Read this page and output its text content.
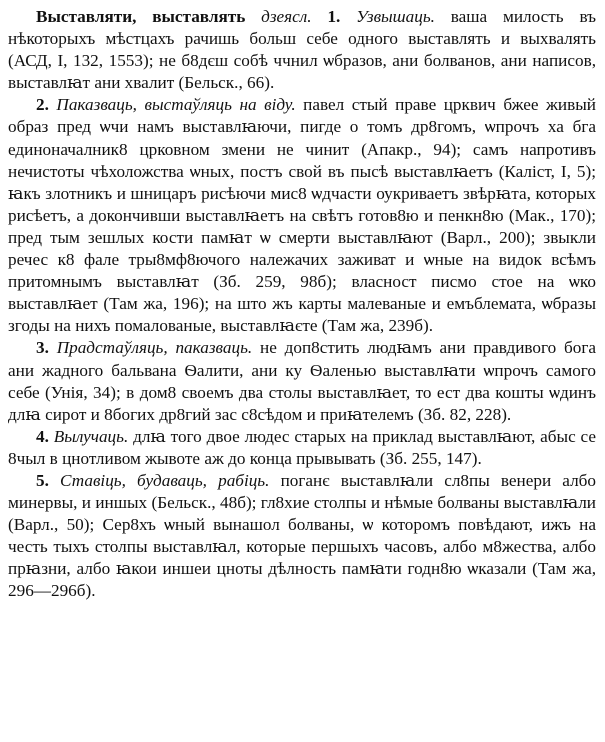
Выставляти, выставлять дзеясл. 1. Узвышаць. ваша милость въ нѣкоторыхъ мѣстцахъ рачишь больш себе одного выставлять и выхвалять (АСД, I, 132, 1553); не б8дєш собѣ ччнил ѡбразов, ани болванов, ани написов, выставлꙗт ани хвалит (Бельск., 66).

2. Паказваць, выстаўляць на віду. павел стый праве црквич бжее живый образ пред ѡчи намъ выставлꙗючи, пигде о томъ др8гомъ, ѡпрочъ ха бга единоначалник8 црковном змени не чинит (Апакр., 94); самъ напротивъ нечистоты чѣхоложства ѡных, постъ свой въ пысѣ выставлꙗетъ (Каліст, I, 5); ꙗкъ злотникъ и шницаръ рисѣючи мис8 ѡдчасти оукриваетъ звѣрꙗта, которых рисѣетъ, а докончивши выставлꙗетъ на свѣтъ готов8ю и пенкн8ю (Мак., 170); пред тым зешлых кости памꙗт ѡ смерти выставлꙗют (Варл., 200); звыкли речес к8 фале тры8мф8ючого належачих заживат и ѡные на видок всѣмъ притомнымъ выставлꙗт (Зб. 259, 98б); власност писмо стое на ѡко выставлꙗет (Там жа, 196); на што жъ карты малеваные и емъблемата, ѡбразы згоды на нихъ помалованые, выставлꙗєте (Там жа, 239б).

3. Прадстаўляць, паказваць. не доп8стить людꙗмъ ани правдивого бога ани жадного бальвана Ѳалити, ани ку Ѳаленью выставлꙗти ѡпрочъ самого себе (Унія, 34); в дом8 своемъ два столы выставлꙗет, то ест два кошты ѡдинъ длꙗ сирот и 8богих др8гий зас с8сѣдом и приꙗтелемъ (Зб. 82, 228).

4. Вылучаць. длꙗ того двое людес старых на приклад выставлꙗют, абыс се 8чыл в цнотливом жывоте аж до конца прывывать (Зб. 255, 147).

5. Ставіць, будаваць, рабіць. поганє выставлꙗли сл8пы венери албо минервы, и иншых (Бельск., 48б); гл8хие столпы и нѣмые болваны выставлꙗли (Варл., 50); Сер8хъ ѡный вынашол болваны, ѡ которомъ повѣдают, ижъ на честь тыхъ столпы выставлꙗл, которые першыхъ часовъ, албо м8жества, албо прꙗзни, албо ꙗкои иншеи цноты дѣлность памꙗти годн8ю ѡказали (Там жа, 296—296б).
